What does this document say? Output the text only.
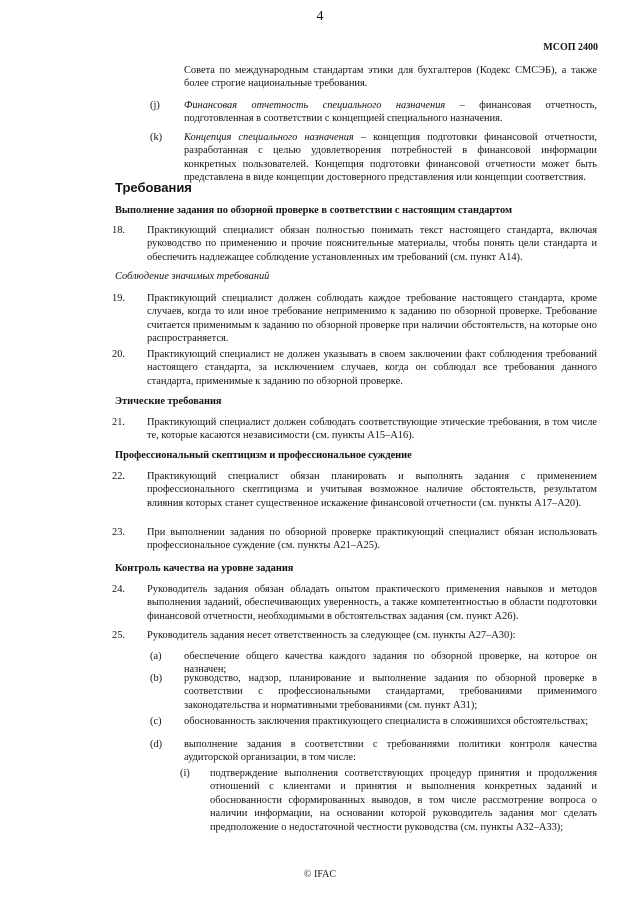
4
МСОП 2400
Совета по международным стандартам этики для бухгалтеров (Кодекс СМСЭБ), а также более строгие национальные требования.
(j) Финансовая отчетность специального назначения – финансовая отчетность, подготовленная в соответствии с концепцией специального назначения.
(k) Концепция специального назначения – концепция подготовки финансовой отчетности, разработанная с целью удовлетворения потребностей в финансовой информации конкретных пользователей. Концепция подготовки финансовой отчетности может быть представлена в виде концепции достоверного представления или концепции соответствия.
Требования
Выполнение задания по обзорной проверке в соответствии с настоящим стандартом
18. Практикующий специалист обязан полностью понимать текст настоящего стандарта, включая руководство по применению и прочие пояснительные материалы, чтобы понять цели стандарта и обеспечить надлежащее соблюдение установленных им требований (см. пункт A14).
Соблюдение значимых требований
19. Практикующий специалист должен соблюдать каждое требование настоящего стандарта, кроме случаев, когда то или иное требование неприменимо к заданию по обзорной проверке. Требование считается применимым к заданию по обзорной проверке при наличии обстоятельств, на которые оно распространяется.
20. Практикующий специалист не должен указывать в своем заключении факт соблюдения требований настоящего стандарта, за исключением случаев, когда он соблюдал все требования данного стандарта, применимые к заданию по обзорной проверке.
Этические требования
21. Практикующий специалист должен соблюдать соответствующие этические требования, в том числе те, которые касаются независимости (см. пункты A15–A16).
Профессиональный скептицизм и профессиональное суждение
22. Практикующий специалист обязан планировать и выполнять задания с применением профессионального скептицизма и учитывая возможное наличие обстоятельств, результатом влияния которых станет существенное искажение финансовой отчетности (см. пункты A17–A20).
23. При выполнении задания по обзорной проверке практикующий специалист обязан использовать профессиональное суждение (см. пункты A21–A25).
Контроль качества на уровне задания
24. Руководитель задания обязан обладать опытом практического применения навыков и методов выполнения заданий, обеспечивающих уверенность, а также компетентностью в области подготовки финансовой отчетности, необходимыми в обстоятельствах задания (см. пункт A26).
25. Руководитель задания несет ответственность за следующее (см. пункты A27–A30):
(a) обеспечение общего качества каждого задания по обзорной проверке, на которое он назначен;
(b) руководство, надзор, планирование и выполнение задания по обзорной проверке в соответствии с профессиональными стандартами, требованиями применимого законодательства и нормативными требованиями (см. пункт A31);
(c) обоснованность заключения практикующего специалиста в сложившихся обстоятельствах;
(d) выполнение задания в соответствии с требованиями политики контроля качества аудиторской организации, в том числе:
(i) подтверждение выполнения соответствующих процедур принятия и продолжения отношений с клиентами и принятия и выполнения конкретных заданий и обоснованности сформированных выводов, в том числе рассмотрение вопроса о наличии информации, на основании которой руководитель задания мог сделать предположение о недостаточной честности руководства (см. пункты A32–A33);
© IFAC
